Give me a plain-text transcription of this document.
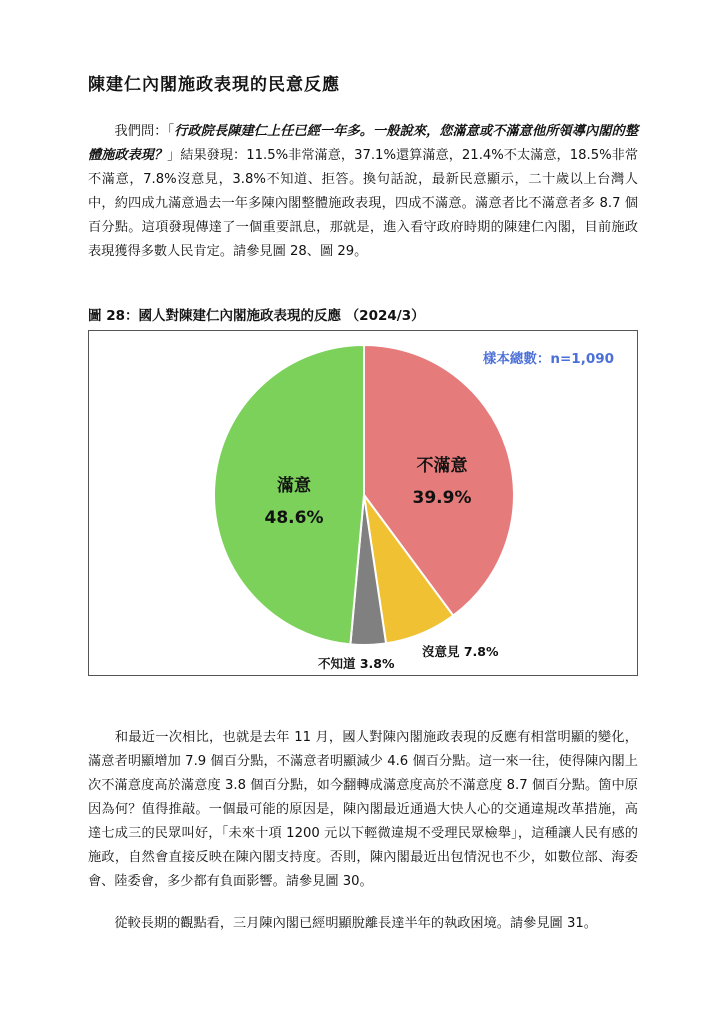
陳建仁內閣施政表現的民意反應

　　我們問：「行政院長陳建仁上任已經一年多。一般說來，您滿意或不滿意他所領導內閣的整體施政表現？」結果發現：11.5%非常滿意，37.1%還算滿意，21.4%不太滿意，18.5%非常不滿意，7.8%沒意見，3.8%不知道、拒答。換句話說，最新民意顯示，二十歲以上台灣人中，約四成九滿意過去一年多陳內閣整體施政表現，四成不滿意。滿意者比不滿意者多 8.7 個百分點。這項發現傳達了一個重要訊息，那就是，進入看守政府時期的陳建仁內閣，目前施政表現獲得多數人民肯定。請參見圖 28、圖 29。

圖 28：國人對陳建仁內閣施政表現的反應 （2024/3）

樣本總數：n=1,090
不滿意
39.9%
沒意見 7.8%
不知道 3.8%
滿意
48.6%

　　和最近一次相比，也就是去年 11 月，國人對陳內閣施政表現的反應有相當明顯的變化，滿意者明顯增加 7.9 個百分點，不滿意者明顯減少 4.6 個百分點。這一來一往，使得陳內閣上次不滿意度高於滿意度 3.8 個百分點，如今翻轉成滿意度高於不滿意度 8.7 個百分點。箇中原因為何？值得推敲。一個最可能的原因是，陳內閣最近通過大快人心的交通違規改革措施，高達七成三的民眾叫好，「未來十項 1200 元以下輕微違規不受理民眾檢舉」，這種讓人民有感的施政，自然會直接反映在陳內閣支持度。否則，陳內閣最近出包情況也不少，如數位部、海委會、陸委會，多少都有負面影響。請參見圖 30。

　　從較長期的觀點看，三月陳內閣已經明顯脫離長達半年的執政困境。請參見圖 31。
